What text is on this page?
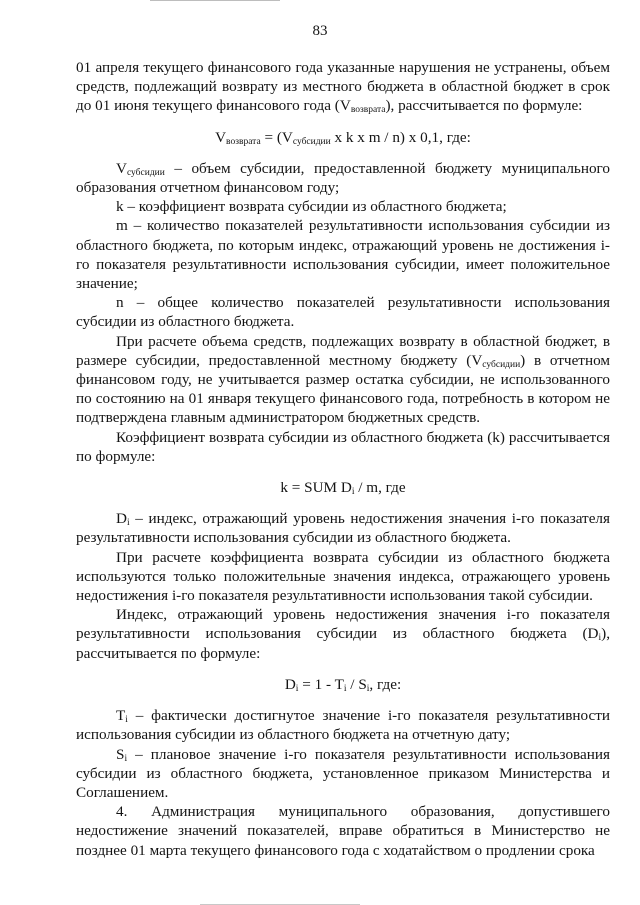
83

01 апреля текущего финансового года указанные нарушения не устранены, объем средств, подлежащий возврату из местного бюджета в областной бюджет в срок до 01 июня текущего финансового года $(V_{возврата})$, рассчитывается по формуле:

$V_{возврата} = (V_{субсидии}$ x k x m / n) x 0,1, где:

$V_{субсидии}$ – объем субсидии, предоставленной бюджету муниципального образования отчетном финансовом году;

k – коэффициент возврата субсидии из областного бюджета;

m – количество показателей результативности использования субсидии из областного бюджета, по которым индекс, отражающий уровень не достижения i-го показателя результативности использования субсидии, имеет положительное значение;

n – общее количество показателей результативности использования субсидии из областного бюджета.

При расчете объема средств, подлежащих возврату в областной бюджет, в размере субсидии, предоставленной местному бюджету $(V_{субсидии})$ в отчетном финансовом году, не учитывается размер остатка субсидии, не использованного по состоянию на 01 января текущего финансового года, потребность в котором не подтверждена главным администратором бюджетных средств.

Коэффициент возврата субсидии из областного бюджета (k) рассчитывается по формуле:

k = SUM $D_i$ / m, где

$D_i$ – индекс, отражающий уровень недостижения значения i-го показателя результативности использования субсидии из областного бюджета.

При расчете коэффициента возврата субсидии из областного бюджета используются только положительные значения индекса, отражающего уровень недостижения i-го показателя результативности использования такой субсидии.

Индекс, отражающий уровень недостижения значения i-го показателя результативности использования субсидии из областного бюджета $(D_i)$, рассчитывается по формуле:

$D_i = 1 - T_i / S_i$, где:

$T_i$ – фактически достигнутое значение i-го показателя результативности использования субсидии из областного бюджета на отчетную дату;

$S_i$ – плановое значение i-го показателя результативности использования субсидии из областного бюджета, установленное приказом Министерства и Соглашением.

4. Администрация муниципального образования, допустившего недостижение значений показателей, вправе обратиться в Министерство не позднее 01 марта текущего финансового года с ходатайством о продлении срока
